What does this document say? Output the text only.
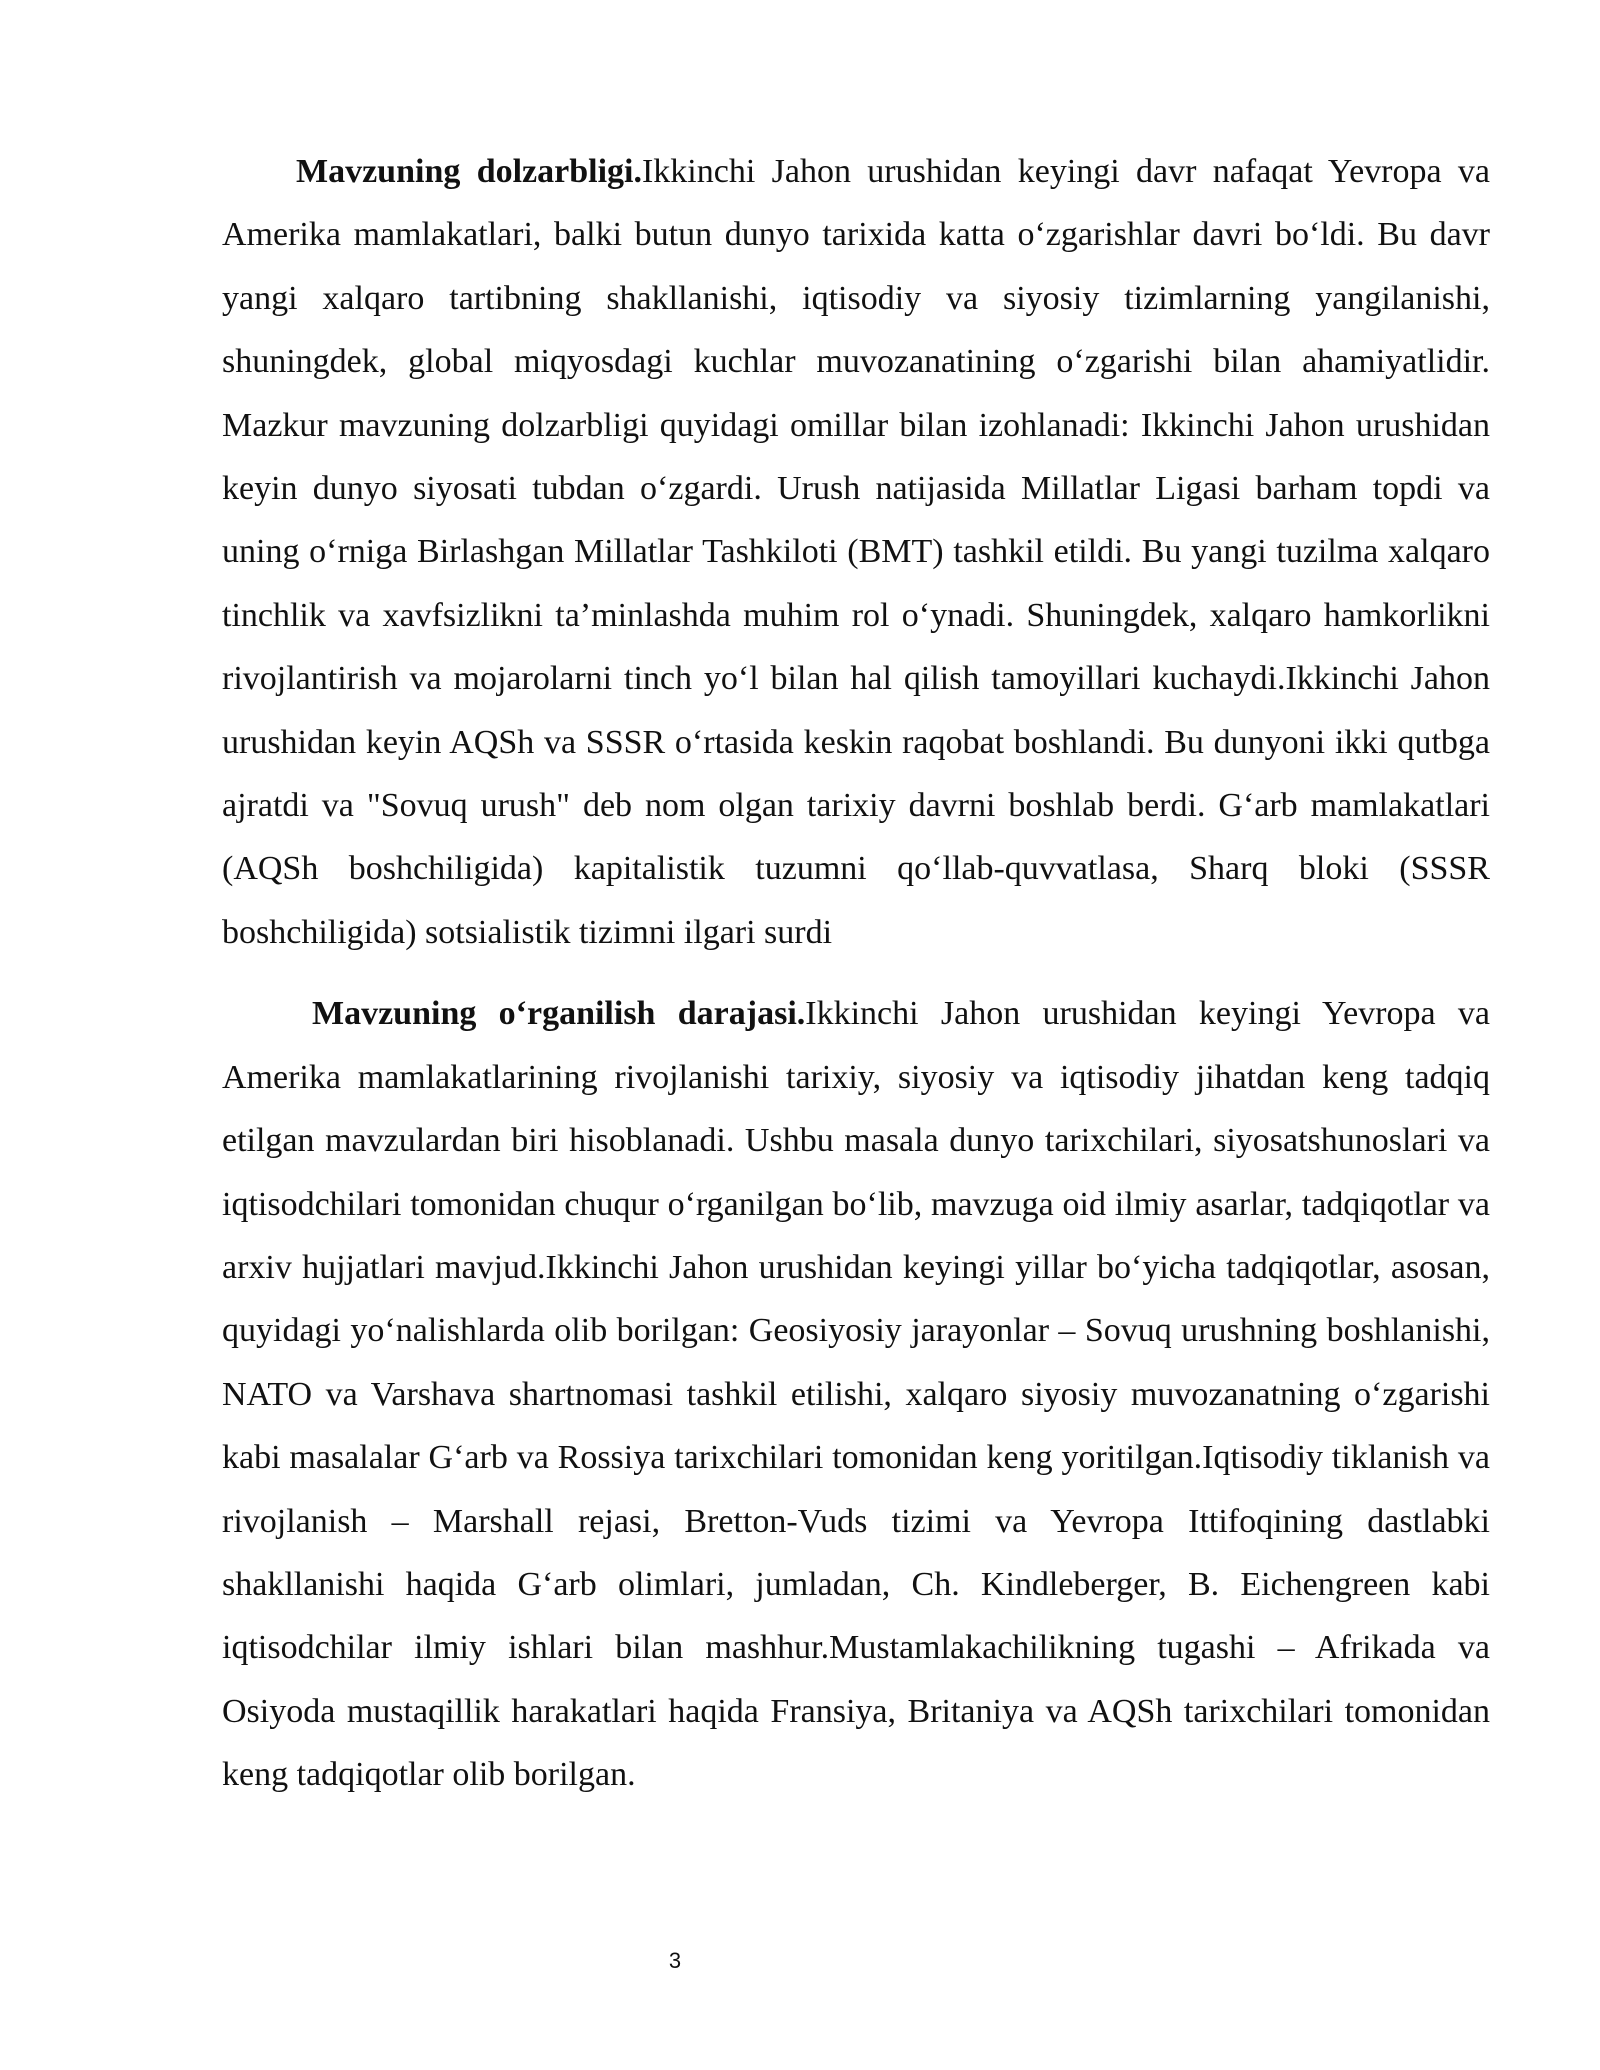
Mavzuning dolzarbligi.Ikkinchi Jahon urushidan keyingi davr nafaqat Yevropa va Amerika mamlakatlari, balki butun dunyo tarixida katta o‘zgarishlar davri bo‘ldi. Bu davr yangi xalqaro tartibning shakllanishi, iqtisodiy va siyosiy tizimlarning yangilanishi, shuningdek, global miqyosdagi kuchlar muvozanatining o‘zgarishi bilan ahamiyatlidir. Mazkur mavzuning dolzarbligi quyidagi omillar bilan izohlanadi: Ikkinchi Jahon urushidan keyin dunyo siyosati tubdan o‘zgardi. Urush natijasida Millatlar Ligasi barham topdi va uning o‘rniga Birlashgan Millatlar Tashkiloti (BMT) tashkil etildi. Bu yangi tuzilma xalqaro tinchlik va xavfsizlikni ta’minlashda muhim rol o‘ynadi. Shuningdek, xalqaro hamkorlikni rivojlantirish va mojarolarni tinch yo‘l bilan hal qilish tamoyillari kuchaydi.Ikkinchi Jahon urushidan keyin AQSh va SSSR o‘rtasida keskin raqobat boshlandi. Bu dunyoni ikki qutbga ajratdi va "Sovuq urush" deb nom olgan tarixiy davrni boshlab berdi. G‘arb mamlakatlari (AQSh boshchiligida) kapitalistik tuzumni qo‘llab-quvvatlasa, Sharq bloki (SSSR boshchiligida) sotsialistik tizimni ilgari surdi

Mavzuning o‘rganilish darajasi.Ikkinchi Jahon urushidan keyingi Yevropa va Amerika mamlakatlarining rivojlanishi tarixiy, siyosiy va iqtisodiy jihatdan keng tadqiq etilgan mavzulardan biri hisoblanadi. Ushbu masala dunyo tarixchilari, siyosatshunoslari va iqtisodchilari tomonidan chuqur o‘rganilgan bo‘lib, mavzuga oid ilmiy asarlar, tadqiqotlar va arxiv hujjatlari mavjud.Ikkinchi Jahon urushidan keyingi yillar bo‘yicha tadqiqotlar, asosan, quyidagi yo‘nalishlarda olib borilgan: Geosiyosiy jarayonlar – Sovuq urushning boshlanishi, NATO va Varshava shartnomasi tashkil etilishi, xalqaro siyosiy muvozanatning o‘zgarishi kabi masalalar G‘arb va Rossiya tarixchilari tomonidan keng yoritilgan.Iqtisodiy tiklanish va rivojlanish – Marshall rejasi, Bretton-Vuds tizimi va Yevropa Ittifoqining dastlabki shakllanishi haqida G‘arb olimlari, jumladan, Ch. Kindleberger, B. Eichengreen kabi iqtisodchilar ilmiy ishlari bilan mashhur.Mustamlakachilikning tugashi – Afrikada va Osiyoda mustaqillik harakatlari haqida Fransiya, Britaniya va AQSh tarixchilari tomonidan keng tadqiqotlar olib borilgan.

3
